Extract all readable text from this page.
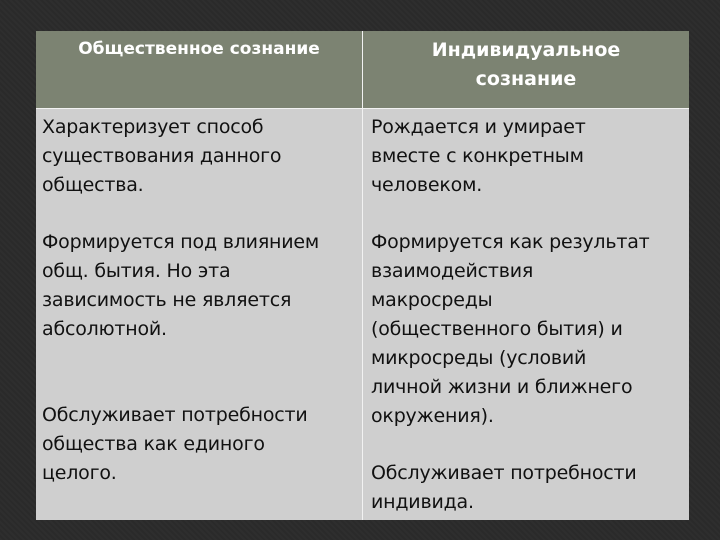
Общественное сознание	Индивидуальное
сознание
Характеризует способ
существования данного
общества.
Формируется под влиянием
общ. бытия. Но эта
зависимость не является
абсолютной.
Обслуживает потребности
общества как единого
целого.
Рождается и умирает
вместе с конкретным
человеком.
Формируется как результат
взаимодействия
макросреды
(общественного бытия) и
микросреды (условий
личной жизни и ближнего
окружения).
Обслуживает потребности
индивида.
